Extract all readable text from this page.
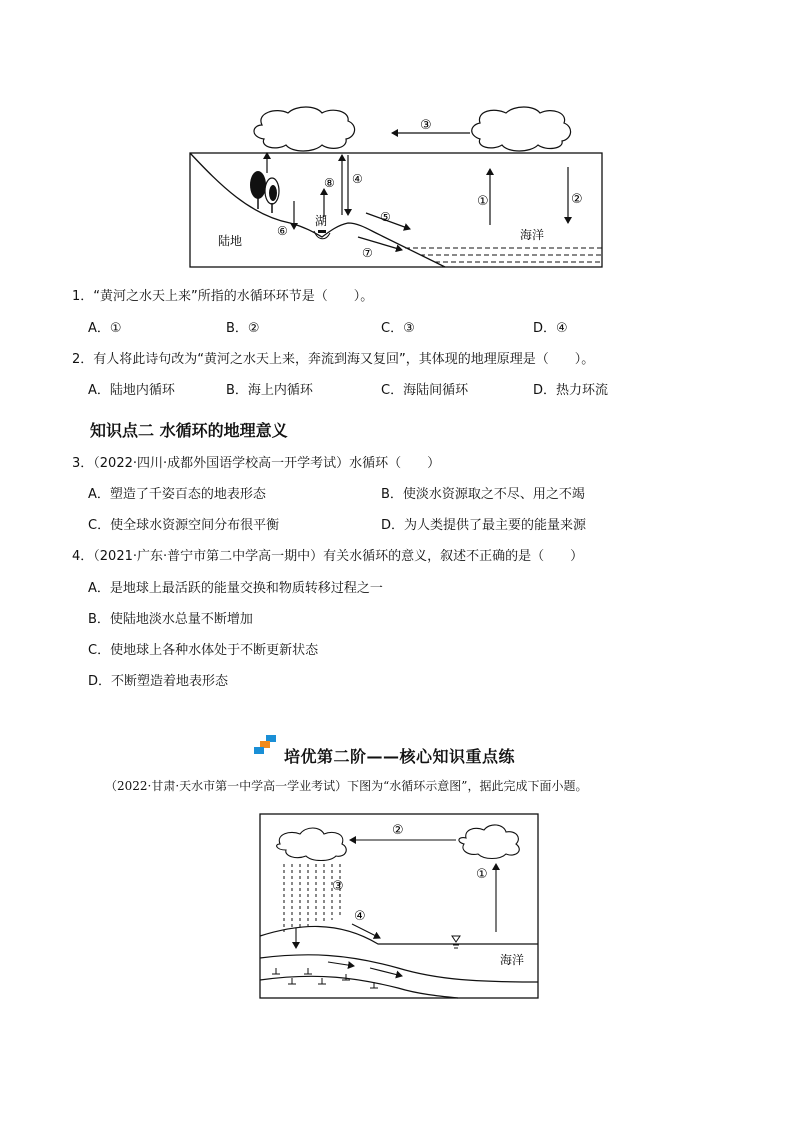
③
⑥
⑧ ④
湖
陆地
⑤
⑦
①	②
海洋
1．“黄河之水天上来”所指的水循环环节是（　　）。
A．①	B．②	C．③	D．④
2．有人将此诗句改为“黄河之水天上来，奔流到海又复回”，其体现的地理原理是（　　）。
A．陆地内循环	B．海上内循环	C．海陆间循环	D．热力环流
知识点二 水循环的地理意义
3．（2022·四川·成都外国语学校高一开学考试）水循环（　　）
A．塑造了千姿百态的地表形态	B．使淡水资源取之不尽、用之不竭
C．使全球水资源空间分布很平衡	D．为人类提供了最主要的能量来源
4．（2021·广东·普宁市第二中学高一期中）有关水循环的意义，叙述不正确的是（　　）
A．是地球上最活跃的能量交换和物质转移过程之一
B．使陆地淡水总量不断增加
C．使地球上各种水体处于不断更新状态
D．不断塑造着地表形态
培优第二阶——核心知识重点练
（2022·甘肃·天水市第一中学高一学业考试）下图为“水循环示意图”，据此完成下面小题。
②
③
①
④
海洋
